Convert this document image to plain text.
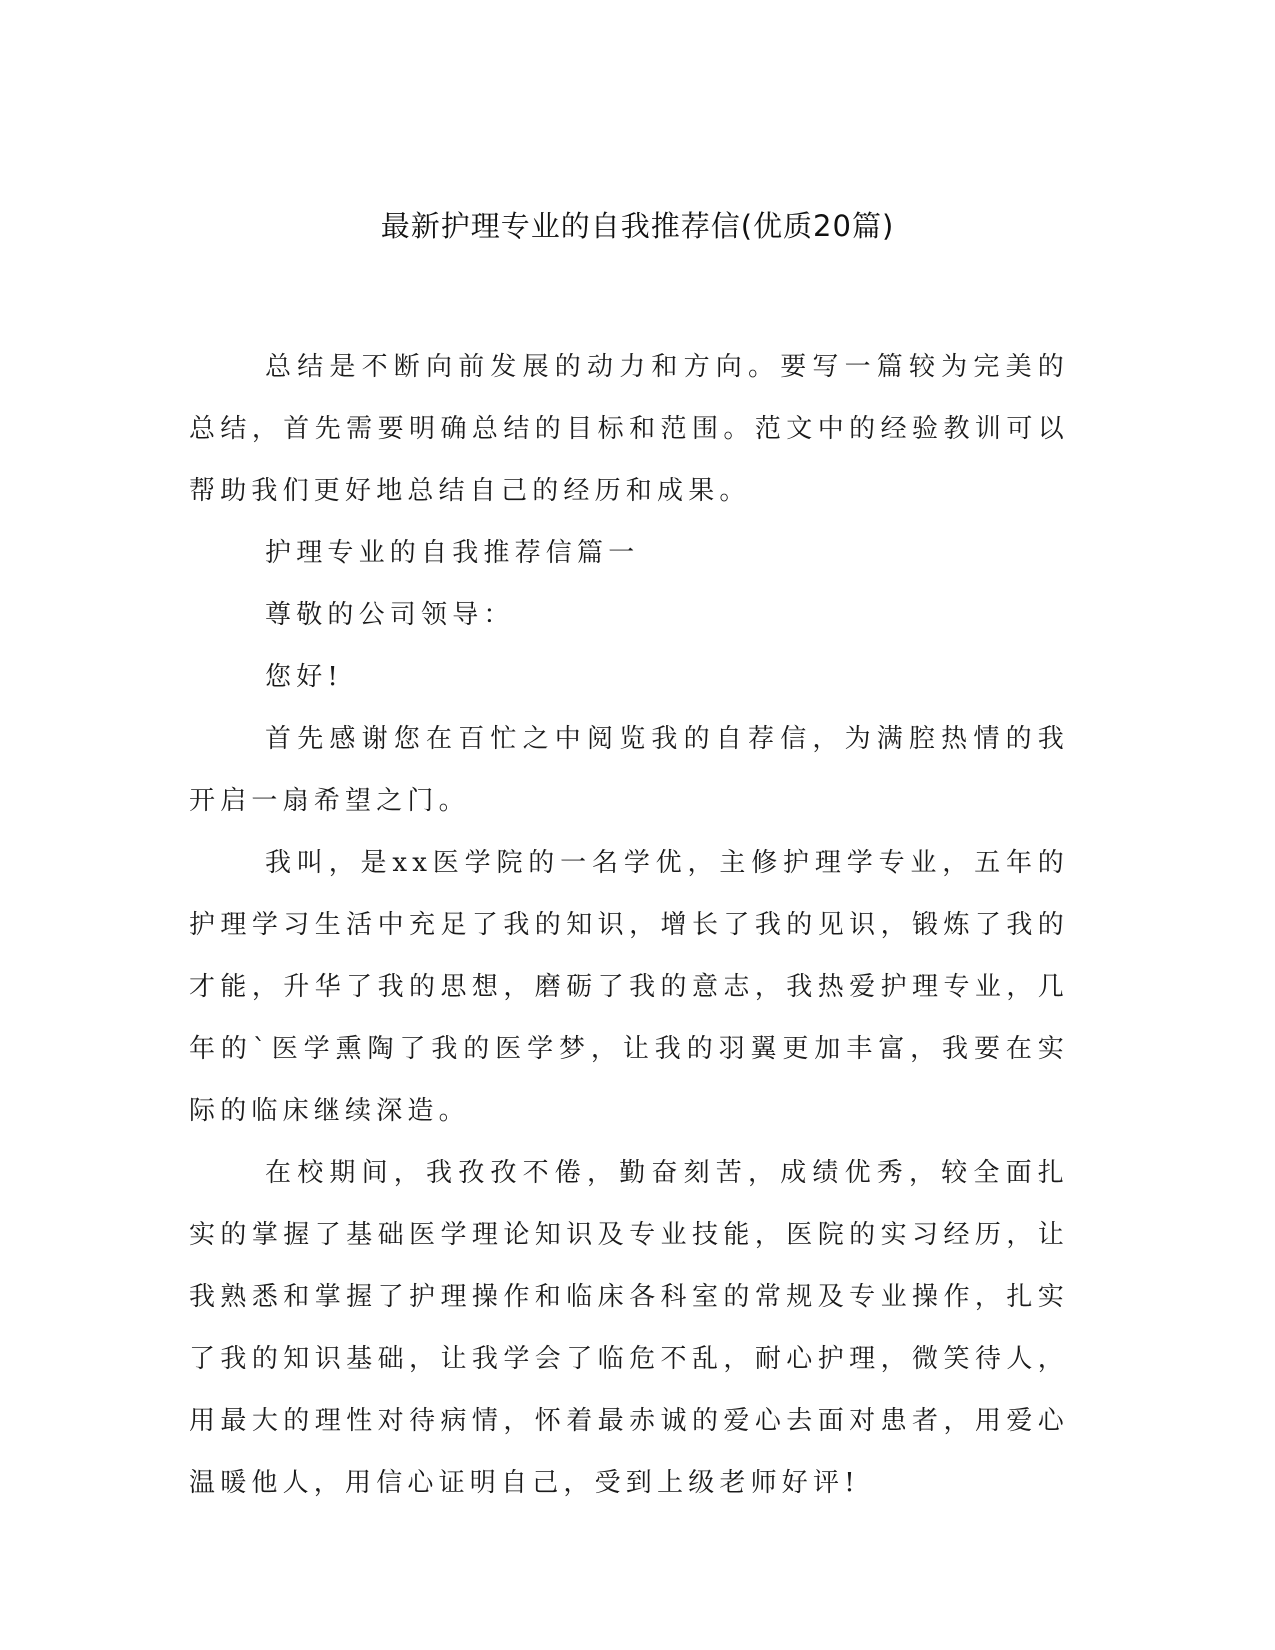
最新护理专业的自我推荐信(优质20篇)

总结是不断向前发展的动力和方向。要写一篇较为完美的总结，首先需要明确总结的目标和范围。范文中的经验教训可以帮助我们更好地总结自己的经历和成果。

护理专业的自我推荐信篇一

尊敬的公司领导：

您好!

首先感谢您在百忙之中阅览我的自荐信，为满腔热情的我开启一扇希望之门。

我叫，是xx医学院的一名学优，主修护理学专业，五年的护理学习生活中充足了我的知识，增长了我的见识，锻炼了我的才能，升华了我的思想，磨砺了我的意志，我热爱护理专业，几年的`医学熏陶了我的医学梦，让我的羽翼更加丰富，我要在实际的临床继续深造。

在校期间，我孜孜不倦，勤奋刻苦，成绩优秀，较全面扎实的掌握了基础医学理论知识及专业技能，医院的实习经历，让我熟悉和掌握了护理操作和临床各科室的常规及专业操作，扎实了我的知识基础，让我学会了临危不乱，耐心护理，微笑待人，用最大的理性对待病情，怀着最赤诚的爱心去面对患者，用爱心温暖他人，用信心证明自己，受到上级老师好评!
